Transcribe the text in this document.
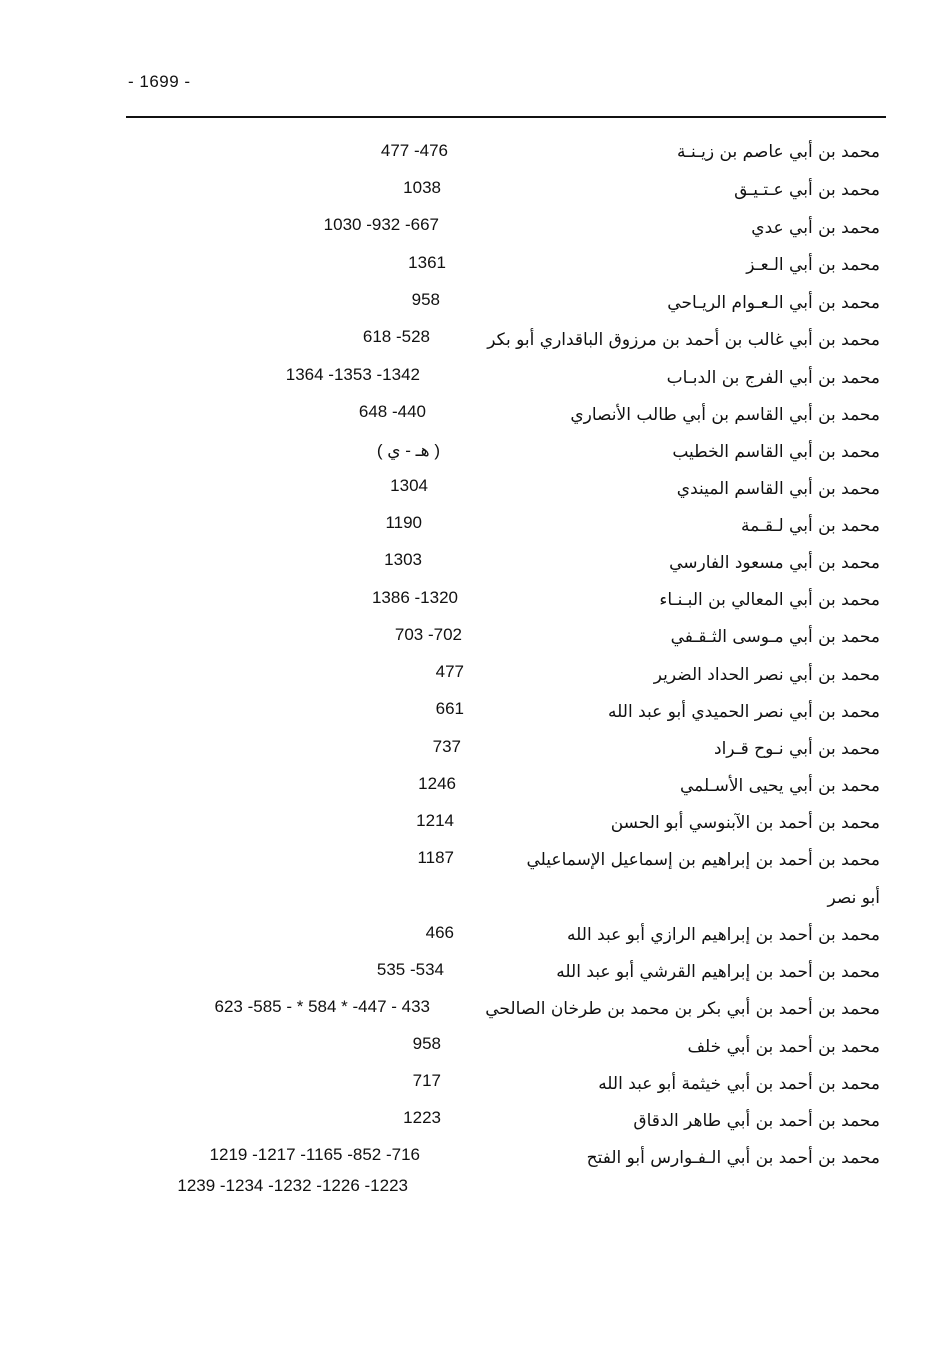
- 1699 -
محمد بن أبي عاصم بن زيـنـة
477 -476
محمد بن أبي عـتـيـق
1038
محمد بن أبي عدي
1030 -932 -667
محمد بن أبي الـعـز
1361
محمد بن أبي الـعـوام الريـاحي
958
محمد بن أبي غالب بن أحمد بن مرزوق الباقداري أبو بكر
618 -528
محمد بن أبي الفرج بن الدبـاب
1364 -1353 -1342
محمد بن أبي القاسم بن أبي طالب الأنصاري
648 -440
محمد بن أبي القاسم الخطيب
( هـ - ي )
محمد بن أبي القاسم الميندي
1304
محمد بن أبي لـقـمة
1190
محمد بن أبي مسعود الفارسي
1303
محمد بن أبي المعالي بن البـنـاء
1386 -1320
محمد بن أبي مـوسى الثـقـفي
703 -702
محمد بن أبي نصر الحداد الضرير
477
محمد بن أبي نصر الحميدي أبو عبد الله
661
محمد بن أبي نـوح قـراد
737
محمد بن أبي يحيى الأسـلمي
1246
محمد بن أحمد بن الآبنوسي أبو الحسن
1214
محمد بن أحمد بن إبراهيم بن إسماعيل الإسماعيلي
1187
أبو نصر
محمد بن أحمد بن إبراهيم الرازي أبو عبد الله
466
محمد بن أحمد بن إبراهيم القرشي أبو عبد الله
535 -534
محمد بن أحمد بن أبي بكر بن محمد بن طرخان الصالحي
623 -585 - * 584 * -447 - 433
محمد بن أحمد بن أبي خلف
958
محمد بن أحمد بن أبي خيثمة أبو عبد الله
717
محمد بن أحمد بن أبي طاهر الدقاق
1223
محمد بن أحمد بن أبي الـفـوارس أبو الفتح
1219 -1217 -1165 -852 -716
1239 -1234 -1232 -1226 -1223
